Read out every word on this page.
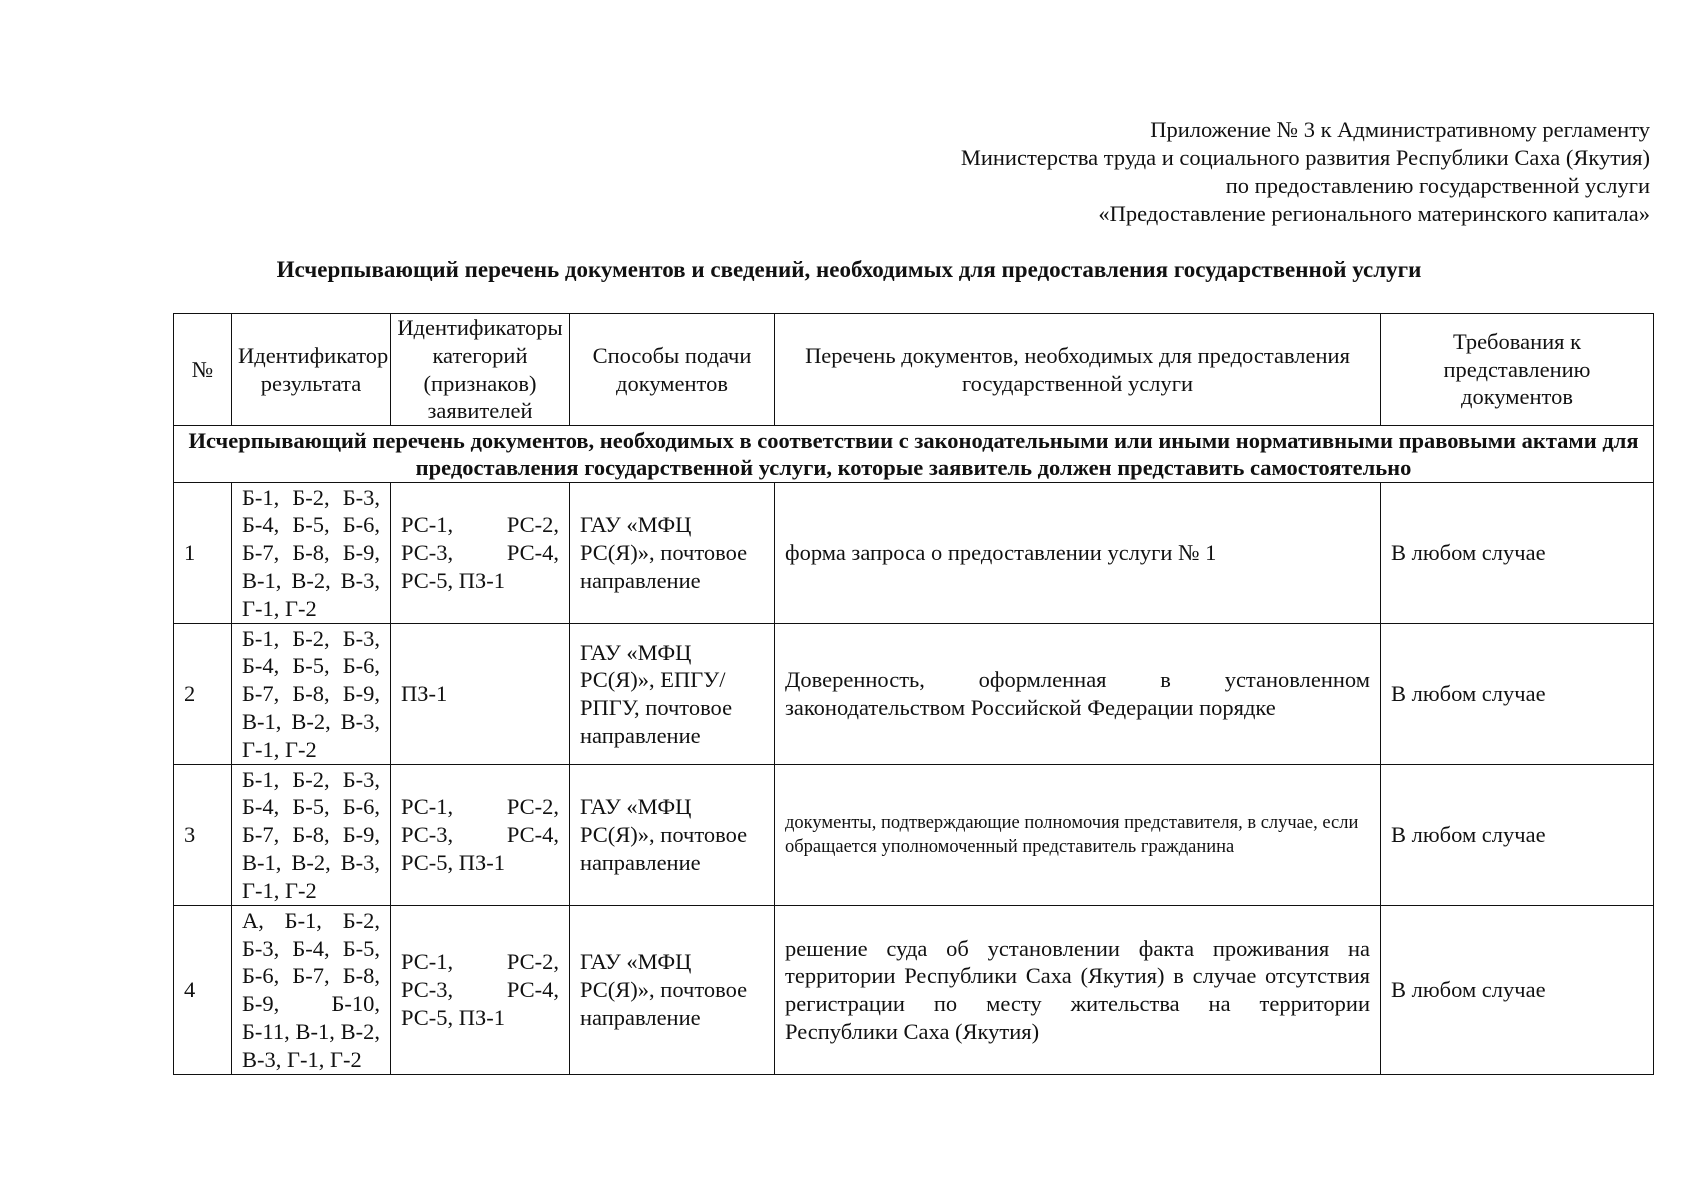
Приложение № 3 к Административному регламенту
Министерства труда и социального развития Республики Саха (Якутия)
по предоставлению государственной услуги
«Предоставление регионального материнского капитала»
Исчерпывающий перечень документов и сведений, необходимых для предоставления государственной услуги
№	Идентификатор результата	Идентификаторы категорий (признаков) заявителей	Способы подачи документов	Перечень документов, необходимых для предоставления государственной услуги	Требования к представлению документов
Исчерпывающий перечень документов, необходимых в соответствии с законодательными или иными нормативными правовыми актами для предоставления государственной услуги, которые заявитель должен представить самостоятельно					
1	Б-1, Б-2, Б-3, Б-4, Б-5, Б-6, Б-7, Б-8, Б-9, В-1, В-2, В-3, Г-1, Г-2	РС-1, РС-2, РС-3, РС-4, РС-5, ПЗ-1	ГАУ «МФЦ РС(Я)», почтовое направление	форма запроса о предоставлении услуги № 1	В любом случае
2	Б-1, Б-2, Б-3, Б-4, Б-5, Б-6, Б-7, Б-8, Б-9, В-1, В-2, В-3, Г-1, Г-2	ПЗ-1	ГАУ «МФЦ РС(Я)», ЕПГУ/РПГУ, почтовое направление	Доверенность, оформленная в установленном законодательством Российской Федерации порядке	В любом случае
3	Б-1, Б-2, Б-3, Б-4, Б-5, Б-6, Б-7, Б-8, Б-9, В-1, В-2, В-3, Г-1, Г-2	РС-1, РС-2, РС-3, РС-4, РС-5, ПЗ-1	ГАУ «МФЦ РС(Я)», почтовое направление	документы, подтверждающие полномочия представителя, в случае, если обращается уполномоченный представитель гражданина	В любом случае
4	А, Б-1, Б-2, Б-3, Б-4, Б-5, Б-6, Б-7, Б-8, Б-9, Б-10, Б-11, В-1, В-2, В-3, Г-1, Г-2	РС-1, РС-2, РС-3, РС-4, РС-5, ПЗ-1	ГАУ «МФЦ РС(Я)», почтовое направление	решение суда об установлении факта проживания на территории Республики Саха (Якутия) в случае отсутствия регистрации по месту жительства на территории Республики Саха (Якутия)	В любом случае
